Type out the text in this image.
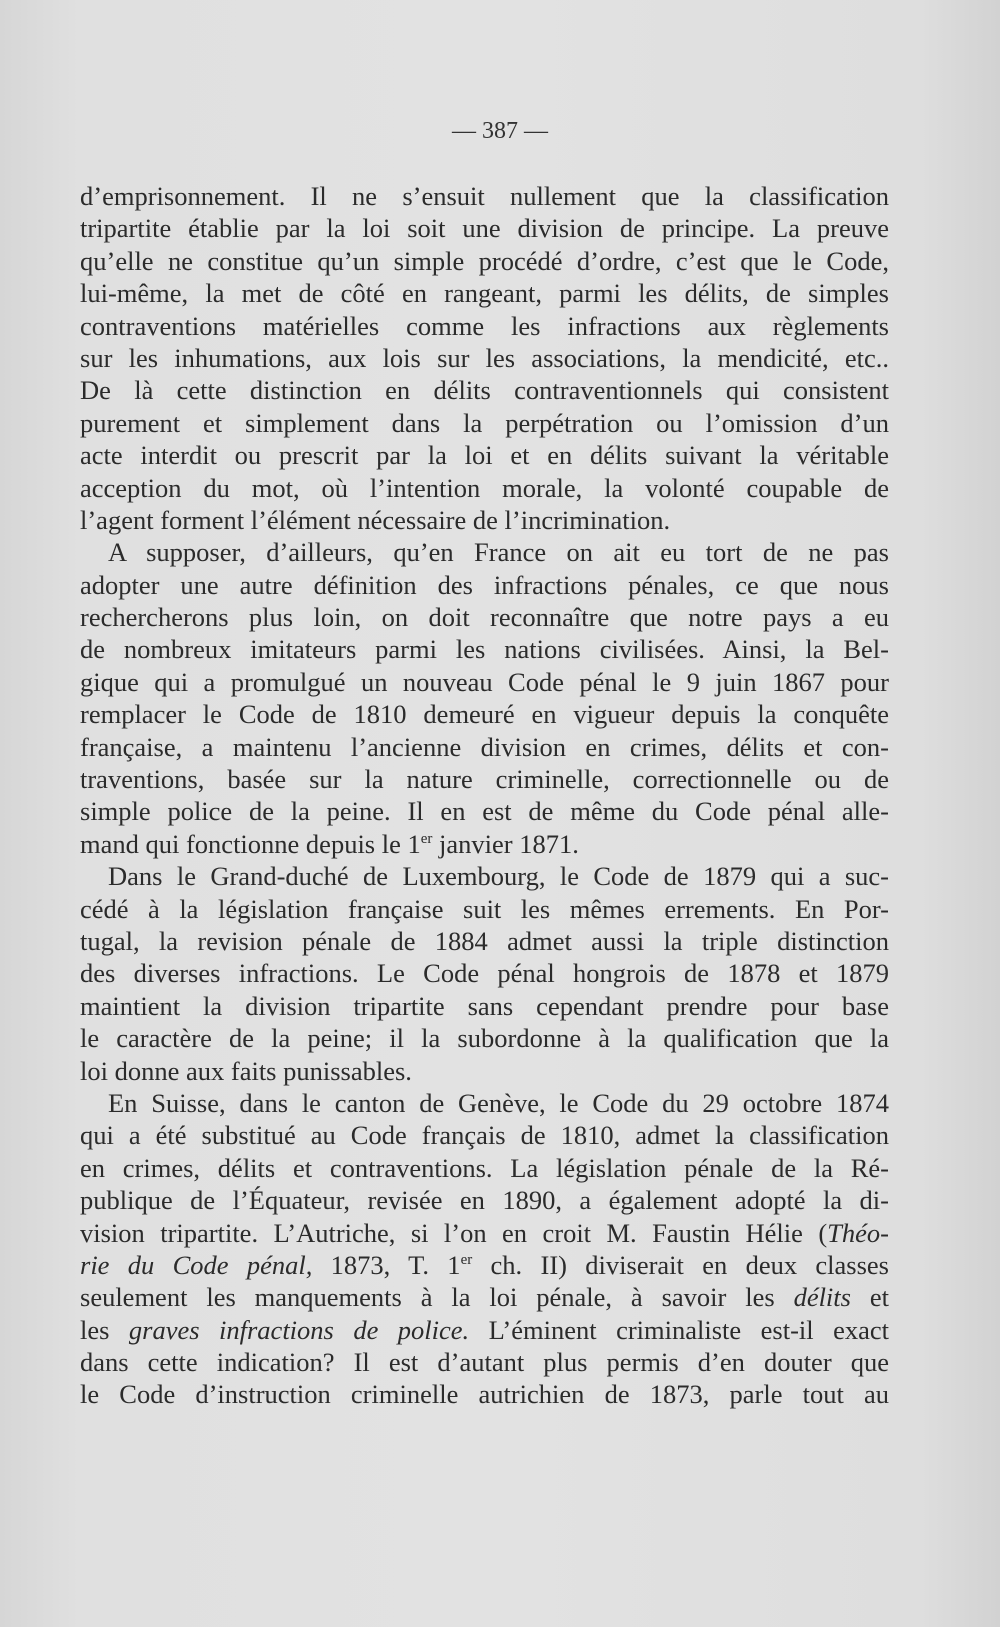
— 387 —
d’emprisonnement. Il ne s’ensuit nullement que la classification
tripartite établie par la loi soit une division de principe. La preuve
qu’elle ne constitue qu’un simple procédé d’ordre, c’est que le Code,
lui-même, la met de côté en rangeant, parmi les délits, de simples
contraventions matérielles comme les infractions aux règlements
sur les inhumations, aux lois sur les associations, la mendicité, etc..
De là cette distinction en délits contraventionnels qui consistent
purement et simplement dans la perpétration ou l’omission d’un
acte interdit ou prescrit par la loi et en délits suivant la véritable
acception du mot, où l’intention morale, la volonté coupable de
l’agent forment l’élément nécessaire de l’incrimination.
A supposer, d’ailleurs, qu’en France on ait eu tort de ne pas
adopter une autre définition des infractions pénales, ce que nous
rechercherons plus loin, on doit reconnaître que notre pays a eu
de nombreux imitateurs parmi les nations civilisées. Ainsi, la Bel-
gique qui a promulgué un nouveau Code pénal le 9 juin 1867 pour
remplacer le Code de 1810 demeuré en vigueur depuis la conquête
française, a maintenu l’ancienne division en crimes, délits et con-
traventions, basée sur la nature criminelle, correctionnelle ou de
simple police de la peine. Il en est de même du Code pénal alle-
mand qui fonctionne depuis le 1er janvier 1871.
Dans le Grand-duché de Luxembourg, le Code de 1879 qui a suc-
cédé à la législation française suit les mêmes errements. En Por-
tugal, la revision pénale de 1884 admet aussi la triple distinction
des diverses infractions. Le Code pénal hongrois de 1878 et 1879
maintient la division tripartite sans cependant prendre pour base
le caractère de la peine; il la subordonne à la qualification que la
loi donne aux faits punissables.
En Suisse, dans le canton de Genève, le Code du 29 octobre 1874
qui a été substitué au Code français de 1810, admet la classification
en crimes, délits et contraventions. La législation pénale de la Ré-
publique de l’Équateur, revisée en 1890, a également adopté la di-
vision tripartite. L’Autriche, si l’on en croit M. Faustin Hélie (Théo-
rie du Code pénal, 1873, T. 1er ch. II) diviserait en deux classes
seulement les manquements à la loi pénale, à savoir les délits et
les graves infractions de police. L’éminent criminaliste est-il exact
dans cette indication? Il est d’autant plus permis d’en douter que
le Code d’instruction criminelle autrichien de 1873, parle tout au
